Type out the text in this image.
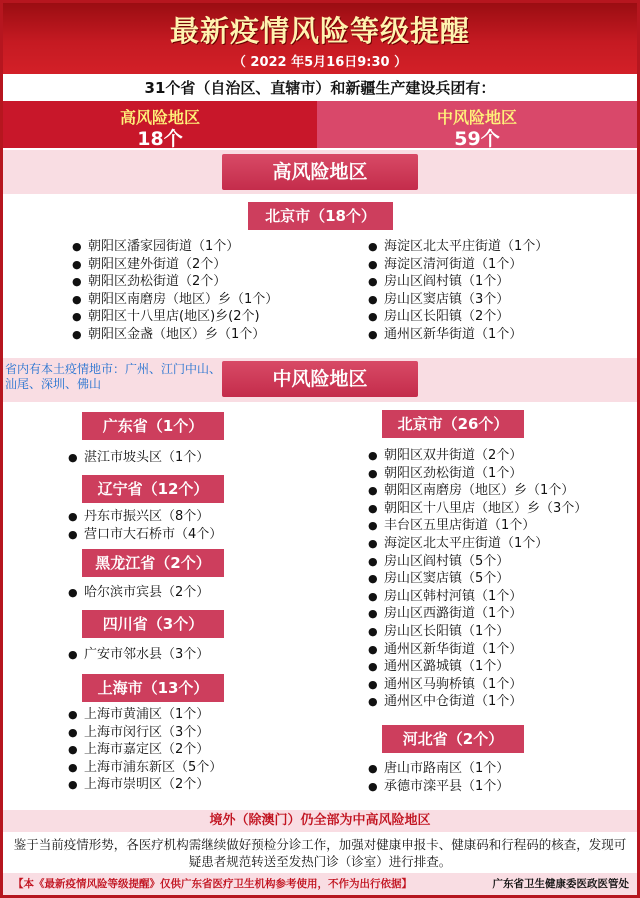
最新疫情风险等级提醒
（ 2022 年5月16日9:30 ）
31个省（自治区、直辖市）和新疆生产建设兵团有：
高风险地区
18个
中风险地区
59个
高风险地区
北京市（18个）
● 朝阳区潘家园街道（1个）
● 朝阳区建外街道（2个）
● 朝阳区劲松街道（2个）
● 朝阳区南磨房（地区）乡（1个）
● 朝阳区十八里店(地区)乡(2个)
● 朝阳区金盏（地区）乡（1个）
● 海淀区北太平庄街道（1个）
● 海淀区清河街道（1个）
● 房山区阎村镇（1个）
● 房山区窦店镇（3个）
● 房山区长阳镇（2个）
● 通州区新华街道（1个）
省内有本土疫情地市：广州、江门中山、汕尾、深圳、佛山	中风险地区
广东省（1个）
● 湛江市坡头区（1个）
辽宁省（12个）
● 丹东市振兴区（8个）
● 营口市大石桥市（4个）
黑龙江省（2个）
● 哈尔滨市宾县（2个）
四川省（3个）
● 广安市邻水县（3个）
上海市（13个）
● 上海市黄浦区（1个）
● 上海市闵行区（3个）
● 上海市嘉定区（2个）
● 上海市浦东新区（5个）
● 上海市崇明区（2个）
北京市（26个）
● 朝阳区双井街道（2个）
● 朝阳区劲松街道（1个）
● 朝阳区南磨房（地区）乡（1个）
● 朝阳区十八里店（地区）乡（3个）
● 丰台区五里店街道（1个）
● 海淀区北太平庄街道（1个）
● 房山区阎村镇（5个）
● 房山区窦店镇（5个）
● 房山区韩村河镇（1个）
● 房山区西潞街道（1个）
● 房山区长阳镇（1个）
● 通州区新华街道（1个）
● 通州区潞城镇（1个）
● 通州区马驹桥镇（1个）
● 通州区中仓街道（1个）
河北省（2个）
● 唐山市路南区（1个）
● 承德市滦平县（1个）
境外（除澳门）仍全部为中高风险地区
鉴于当前疫情形势，各医疗机构需继续做好预检分诊工作，加强对健康申报卡、健康码和行程码的核查，发现可疑患者规范转送至发热门诊（诊室）进行排查。
【本《最新疫情风险等级提醒》仅供广东省医疗卫生机构参考使用，不作为出行依据】	广东省卫生健康委医政医管处
